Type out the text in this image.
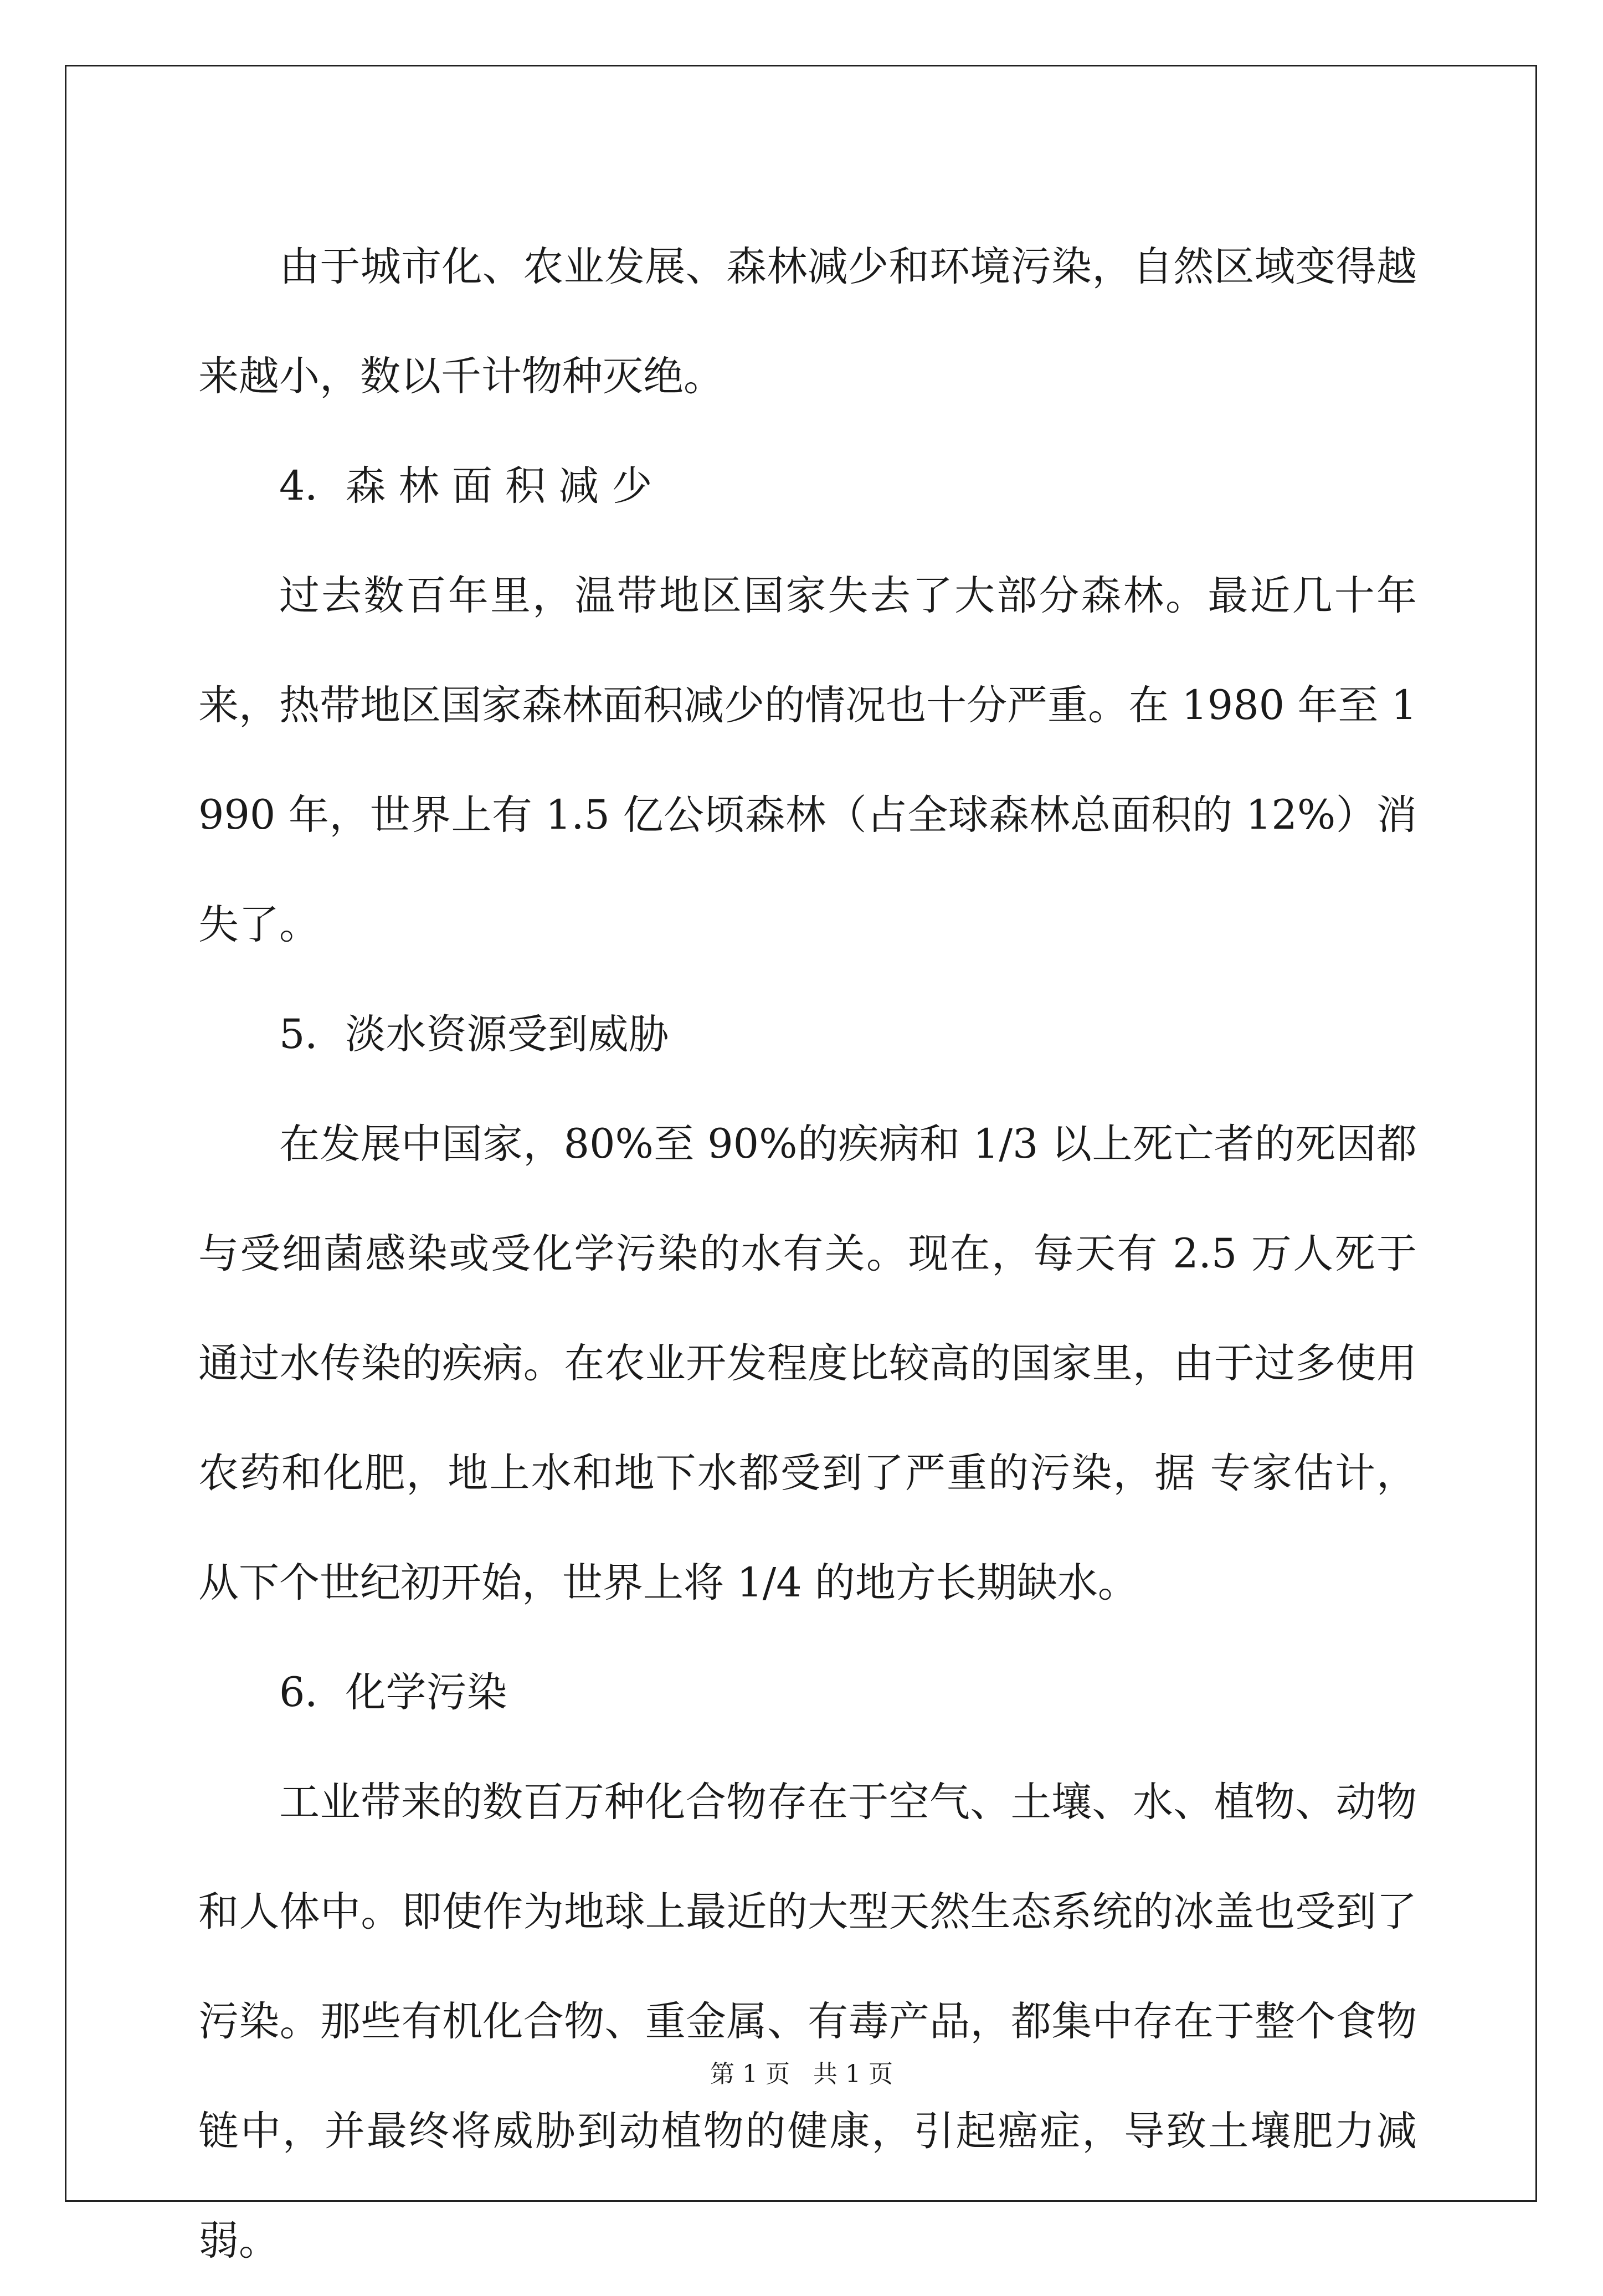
由于城市化、农业发展、森林减少和环境污染，自然区域变得越来越小，数以千计物种灭绝。

4．森 林 面 积 减 少

过去数百年里，温带地区国家失去了大部分森林。最近几十年来，热带地区国家森林面积减少的情况也十分严重。在 1980 年至 1990 年，世界上有 1.5 亿公顷森林（占全球森林总面积的 12%）消失了。

5．淡水资源受到威胁

在发展中国家，80%至 90%的疾病和 1/3 以上死亡者的死因都与受细菌感染或受化学污染的水有关。现在，每天有 2.5 万人死于通过水传染的疾病。在农业开发程度比较高的国家里，由于过多使用农药和化肥，地上水和地下水都受到了严重的污染，据 专家估计，从下个世纪初开始，世界上将 1/4 的地方长期缺水。

6．化学污染

工业带来的数百万种化合物存在于空气、土壤、水、植物、动物和人体中。即使作为地球上最近的大型天然生态系统的冰盖也受到了污染。那些有机化合物、重金属、有毒产品，都集中存在于整个食物链中，并最终将威胁到动植物的健康，引起癌症，导致土壤肥力减弱。

第 1 页   共 1 页
